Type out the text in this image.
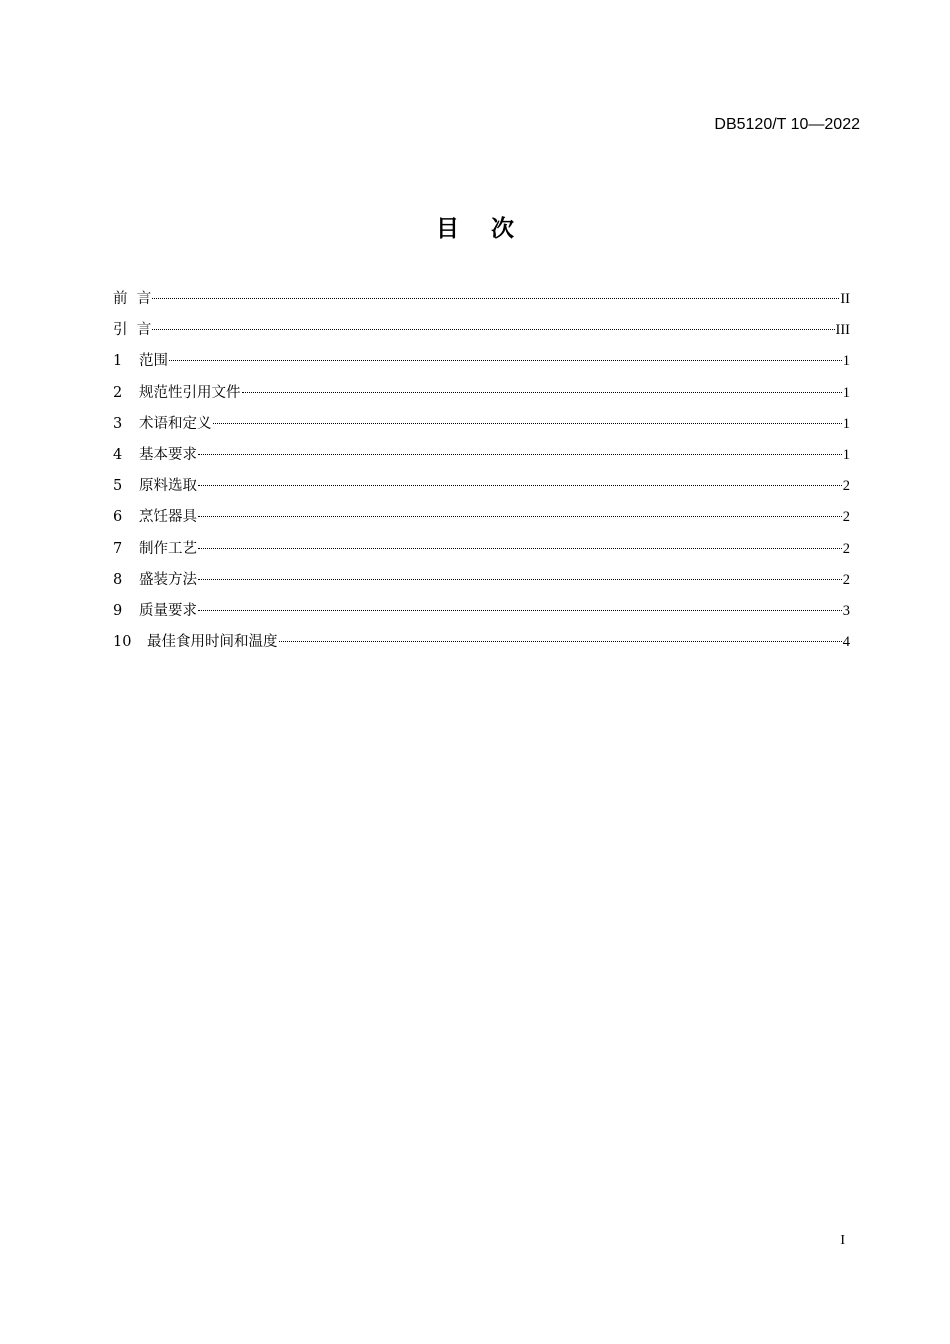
DB5120/T 10—2022
目    次
前  言	II
引  言	III
1	范围	1
2	规范性引用文件	1
3	术语和定义	1
4	基本要求	1
5	原料选取	2
6	烹饪器具	2
7	制作工艺	2
8	盛装方法	2
9	质量要求	3
10	最佳食用时间和温度	4
I
